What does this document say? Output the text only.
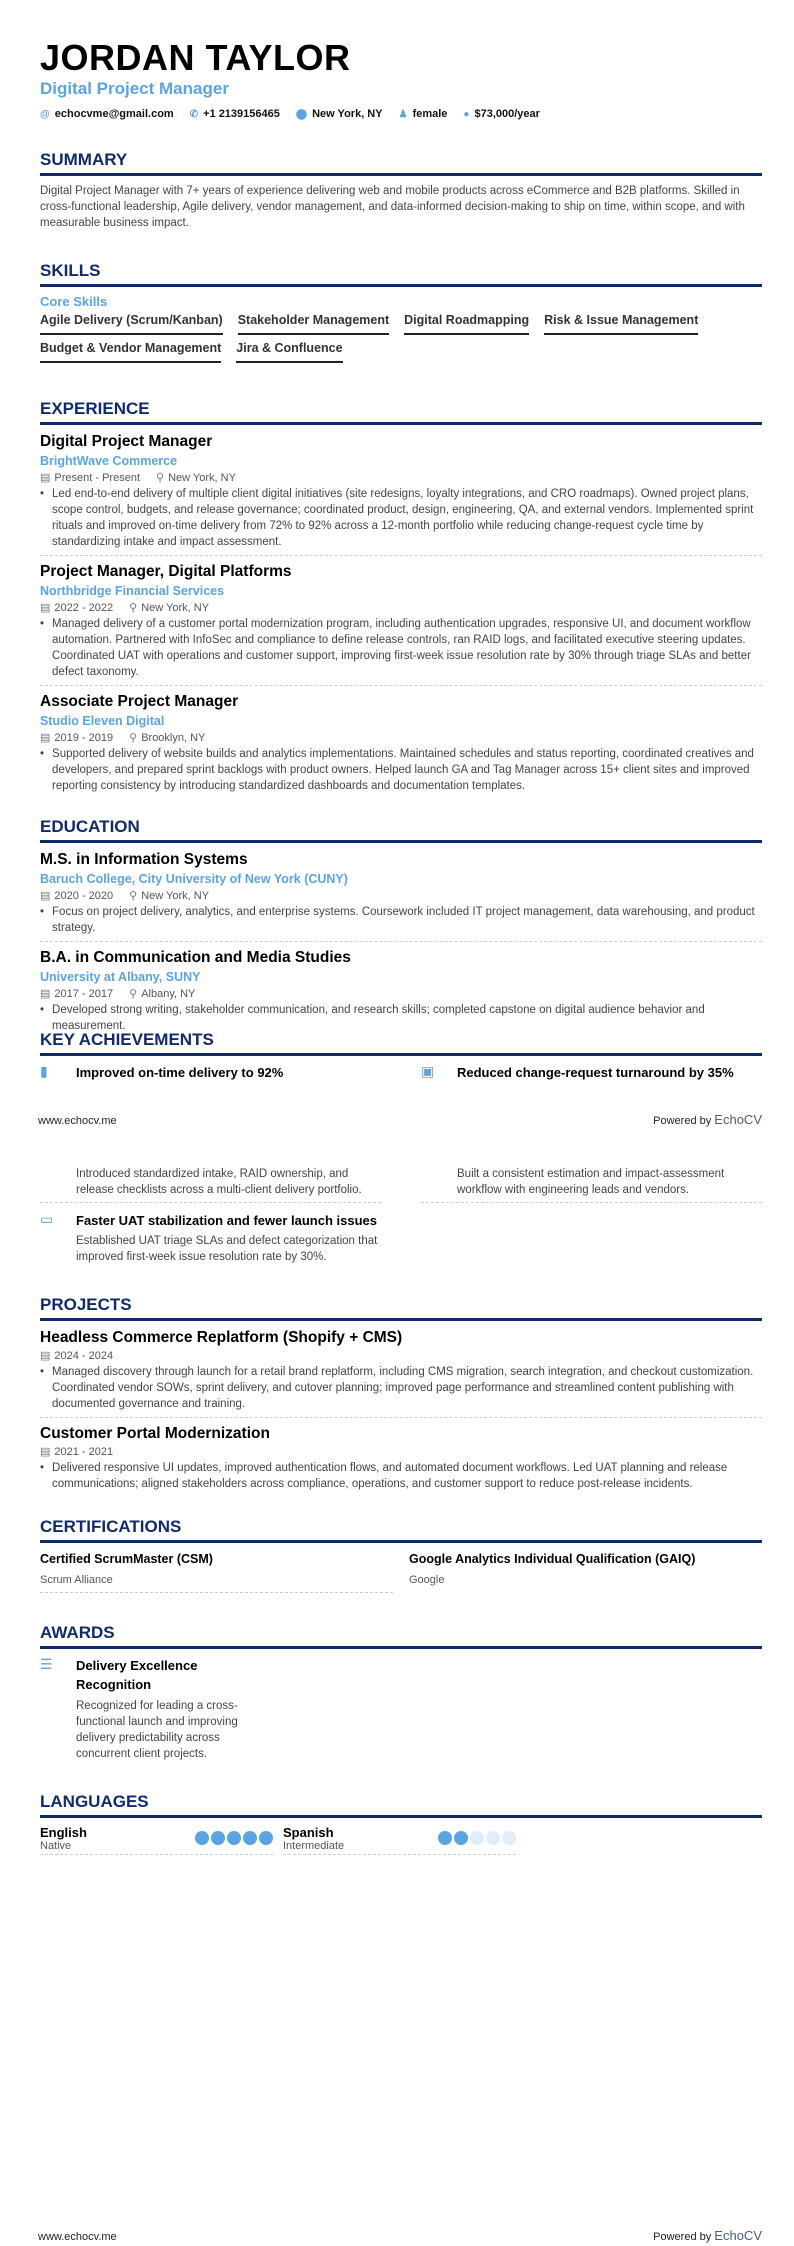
JORDAN TAYLOR
Digital Project Manager
@ echocvme@gmail.com ✆ +1 2139156465 ⬤ New York, NY ♟ female ● $73,000/year
SUMMARY

Digital Project Manager with 7+ years of experience delivering web and mobile products across eCommerce and B2B platforms. Skilled in cross-functional leadership, Agile delivery, vendor management, and data-informed decision-making to ship on time, within scope, and with measurable business impact.

SKILLS
Core Skills
Agile Delivery (Scrum/Kanban) Stakeholder Management Digital Roadmapping Risk & Issue Management
Budget & Vendor Management Jira & Confluence
EXPERIENCE
Digital Project Manager
BrightWave Commerce
▤ Present - Present ⚲ New York, NY
• Led end-to-end delivery of multiple client digital initiatives (site redesigns, loyalty integrations, and CRO roadmaps). Owned project plans, scope control, budgets, and release governance; coordinated product, design, engineering, QA, and external vendors. Implemented sprint rituals and improved on-time delivery from 72% to 92% across a 12-month portfolio while reducing change-request cycle time by standardizing intake and impact assessment.
Project Manager, Digital Platforms
Northbridge Financial Services
▤ 2022 - 2022 ⚲ New York, NY
• Managed delivery of a customer portal modernization program, including authentication upgrades, responsive UI, and document workflow automation. Partnered with InfoSec and compliance to define release controls, ran RAID logs, and facilitated executive steering updates. Coordinated UAT with operations and customer support, improving first-week issue resolution rate by 30% through triage SLAs and better defect taxonomy.
Associate Project Manager
Studio Eleven Digital
▤ 2019 - 2019 ⚲ Brooklyn, NY
• Supported delivery of website builds and analytics implementations. Maintained schedules and status reporting, coordinated creatives and developers, and prepared sprint backlogs with product owners. Helped launch GA and Tag Manager across 15+ client sites and improved reporting consistency by introducing standardized dashboards and documentation templates.
EDUCATION
M.S. in Information Systems
Baruch College, City University of New York (CUNY)
▤ 2020 - 2020 ⚲ New York, NY
• Focus on project delivery, analytics, and enterprise systems. Coursework included IT project management, data warehousing, and product strategy.
B.A. in Communication and Media Studies
University at Albany, SUNY
▤ 2017 - 2017 ⚲ Albany, NY
• Developed strong writing, stakeholder communication, and research skills; completed capstone on digital audience behavior and measurement.
KEY ACHIEVEMENTS
▮	Improved on-time delivery to 92%	▣	Reduced change-request turnaround by 35%
www.echocv.me	Powered by EchoCV
Introduced standardized intake, RAID ownership, and release checklists across a multi-client delivery portfolio.
Built a consistent estimation and impact-assessment workflow with engineering leads and vendors.
▭	Faster UAT stabilization and fewer launch issues
Established UAT triage SLAs and defect categorization that improved first-week issue resolution rate by 30%.
PROJECTS
Headless Commerce Replatform (Shopify + CMS)
▤ 2024 - 2024
• Managed discovery through launch for a retail brand replatform, including CMS migration, search integration, and checkout customization. Coordinated vendor SOWs, sprint delivery, and cutover planning; improved page performance and streamlined content publishing with documented governance and training.
Customer Portal Modernization
▤ 2021 - 2021
• Delivered responsive UI updates, improved authentication flows, and automated document workflows. Led UAT planning and release communications; aligned stakeholders across compliance, operations, and customer support to reduce post-release incidents.
CERTIFICATIONS
Certified ScrumMaster (CSM)
Scrum Alliance
Google Analytics Individual Qualification (GAIQ)
Google
AWARDS
☰	Delivery Excellence Recognition
Recognized for leading a cross-functional launch and improving delivery predictability across concurrent client projects.
LANGUAGES
English
Native
Spanish
Intermediate
www.echocv.me	Powered by EchoCV
